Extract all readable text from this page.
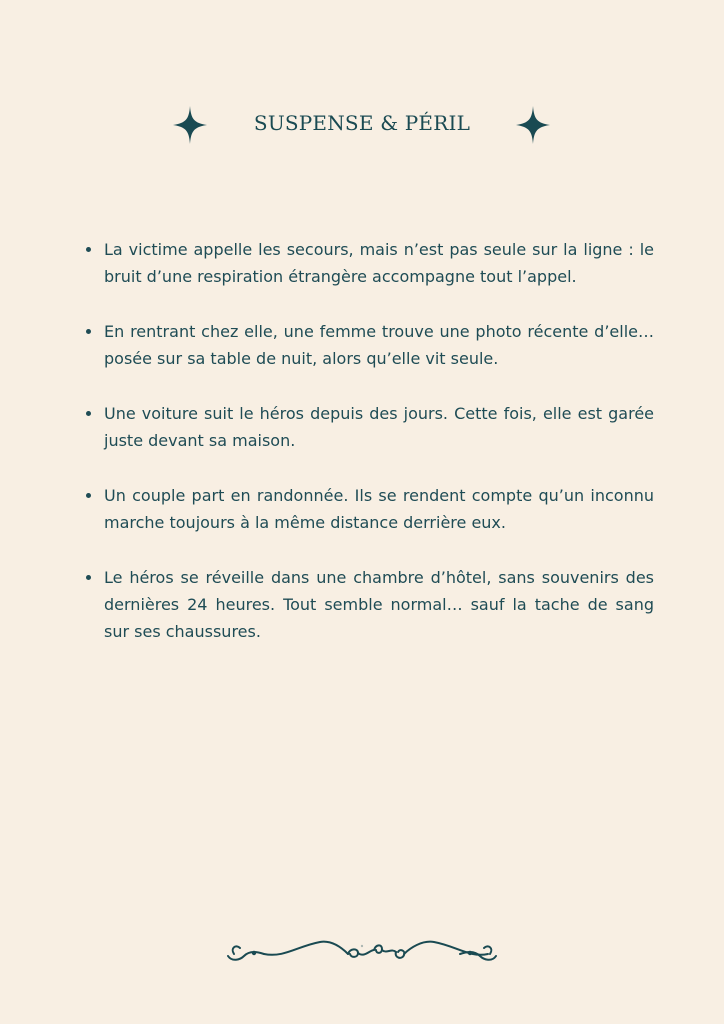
SUSPENSE & PÉRIL
La victime appelle les secours, mais n’est pas seule sur la ligne : le bruit d’une respiration étrangère accompagne tout l’appel.
En rentrant chez elle, une femme trouve une photo récente d’elle… posée sur sa table de nuit, alors qu’elle vit seule.
Une voiture suit le héros depuis des jours. Cette fois, elle est garée juste devant sa maison.
Un couple part en randonnée. Ils se rendent compte qu’un inconnu marche toujours à la même distance derrière eux.
Le héros se réveille dans une chambre d’hôtel, sans souvenirs des dernières 24 heures. Tout semble normal… sauf la tache de sang sur ses chaussures.
